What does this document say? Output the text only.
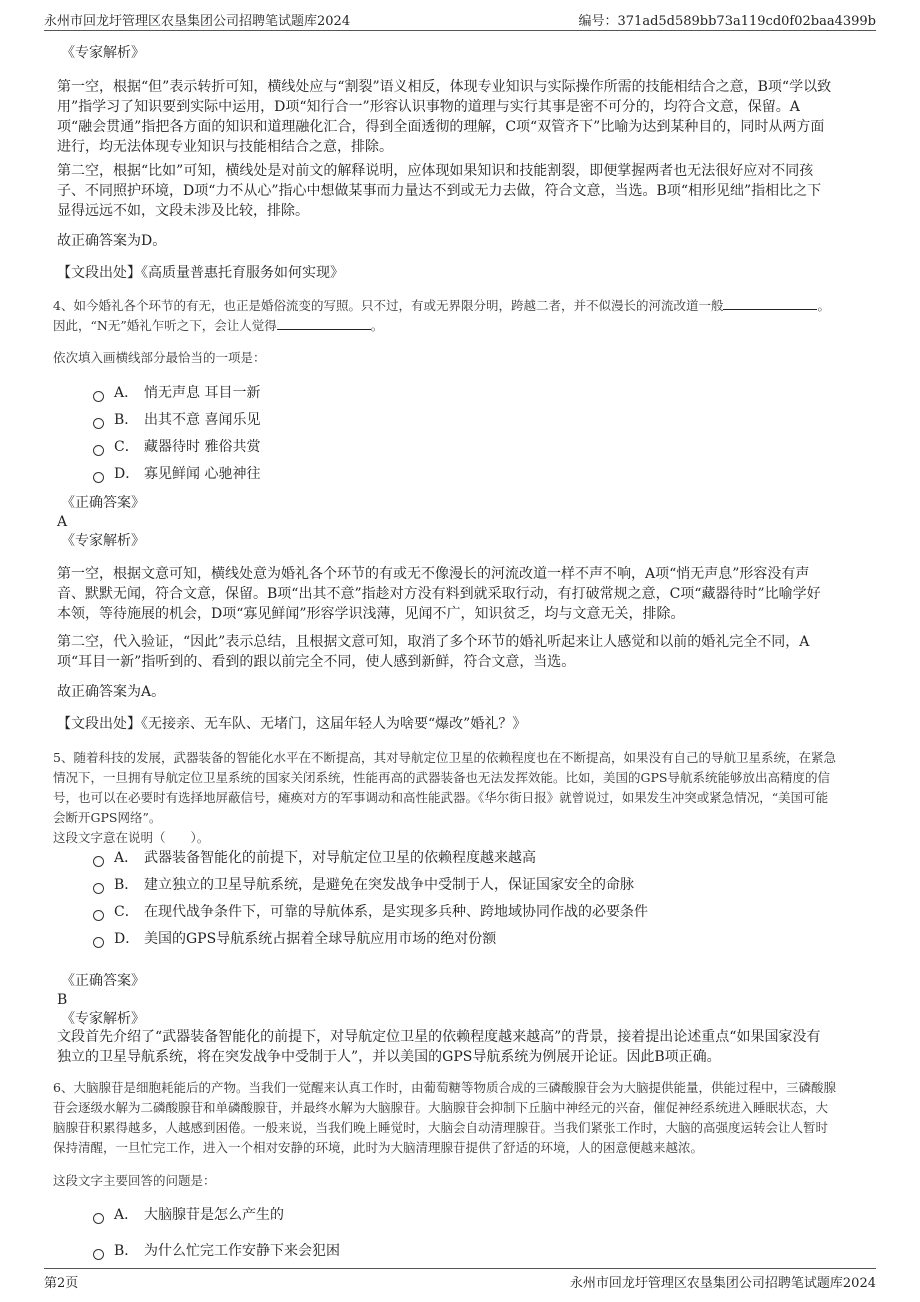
永州市回龙圩管理区农垦集团公司招聘笔试题库2024	编号：371ad5d589bb73a119cd0f02baa4399b
《专家解析》
第一空，根据“但”表示转折可知，横线处应与“割裂”语义相反，体现专业知识与实际操作所需的技能相结合之意，B项“学以致
用”指学习了知识要到实际中运用，D项“知行合一”形容认识事物的道理与实行其事是密不可分的，均符合文意，保留。A
项“融会贯通”指把各方面的知识和道理融化汇合，得到全面透彻的理解，C项“双管齐下”比喻为达到某种目的，同时从两方面
进行，均无法体现专业知识与技能相结合之意，排除。
第二空，根据“比如”可知，横线处是对前文的解释说明，应体现如果知识和技能割裂，即便掌握两者也无法很好应对不同孩
子、不同照护环境，D项“力不从心”指心中想做某事而力量达不到或无力去做，符合文意，当选。B项“相形见绌”指相比之下
显得远远不如，文段未涉及比较，排除。
故正确答案为D。
【文段出处】《高质量普惠托育服务如何实现》
4、如今婚礼各个环节的有无，也正是婚俗流变的写照。只不过，有或无界限分明，跨越二者，并不似漫长的河流改道一般	。
因此，“N无”婚礼乍听之下，会让人觉得	。
依次填入画横线部分最恰当的一项是：
A． 悄无声息 耳目一新
B． 出其不意 喜闻乐见
C． 藏器待时 雅俗共赏
D． 寡见鲜闻 心驰神往
《正确答案》
A
《专家解析》
第一空，根据文意可知，横线处意为婚礼各个环节的有或无不像漫长的河流改道一样不声不响，A项“悄无声息”形容没有声
音、默默无闻，符合文意，保留。B项“出其不意”指趁对方没有料到就采取行动，有打破常规之意，C项“藏器待时”比喻学好
本领，等待施展的机会，D项“寡见鲜闻”形容学识浅薄，见闻不广，知识贫乏，均与文意无关，排除。
第二空，代入验证，“因此”表示总结，且根据文意可知，取消了多个环节的婚礼听起来让人感觉和以前的婚礼完全不同，A
项“耳目一新”指听到的、看到的跟以前完全不同，使人感到新鲜，符合文意，当选。
故正确答案为A。
【文段出处】《无接亲、无车队、无堵门，这届年轻人为啥要“爆改”婚礼？》
5、随着科技的发展，武器装备的智能化水平在不断提高，其对导航定位卫星的依赖程度也在不断提高，如果没有自己的导航卫星系统，在紧急
情况下，一旦拥有导航定位卫星系统的国家关闭系统，性能再高的武器装备也无法发挥效能。比如，美国的GPS导航系统能够放出高精度的信
号，也可以在必要时有选择地屏蔽信号，瘫痪对方的军事调动和高性能武器。《华尔街日报》就曾说过，如果发生冲突或紧急情况，“美国可能
会断开GPS网络”。
这段文字意在说明（　　）。
A． 武器装备智能化的前提下，对导航定位卫星的依赖程度越来越高
B． 建立独立的卫星导航系统，是避免在突发战争中受制于人，保证国家安全的命脉
C． 在现代战争条件下，可靠的导航体系，是实现多兵种、跨地域协同作战的必要条件
D． 美国的GPS导航系统占据着全球导航应用市场的绝对份额
《正确答案》
B
《专家解析》
文段首先介绍了“武器装备智能化的前提下，对导航定位卫星的依赖程度越来越高”的背景，接着提出论述重点“如果国家没有
独立的卫星导航系统，将在突发战争中受制于人”，并以美国的GPS导航系统为例展开论证。因此B项正确。
6、大脑腺苷是细胞耗能后的产物。当我们一觉醒来认真工作时，由葡萄糖等物质合成的三磷酸腺苷会为大脑提供能量，供能过程中，三磷酸腺
苷会逐级水解为二磷酸腺苷和单磷酸腺苷，并最终水解为大脑腺苷。大脑腺苷会抑制下丘脑中神经元的兴奋，催促神经系统进入睡眠状态，大
脑腺苷积累得越多，人越感到困倦。一般来说，当我们晚上睡觉时，大脑会自动清理腺苷。当我们紧张工作时，大脑的高强度运转会让人暂时
保持清醒，一旦忙完工作，进入一个相对安静的环境，此时为大脑清理腺苷提供了舒适的环境，人的困意便越来越浓。
这段文字主要回答的问题是：
A． 大脑腺苷是怎么产生的
B． 为什么忙完工作安静下来会犯困
第2页	永州市回龙圩管理区农垦集团公司招聘笔试题库2024
